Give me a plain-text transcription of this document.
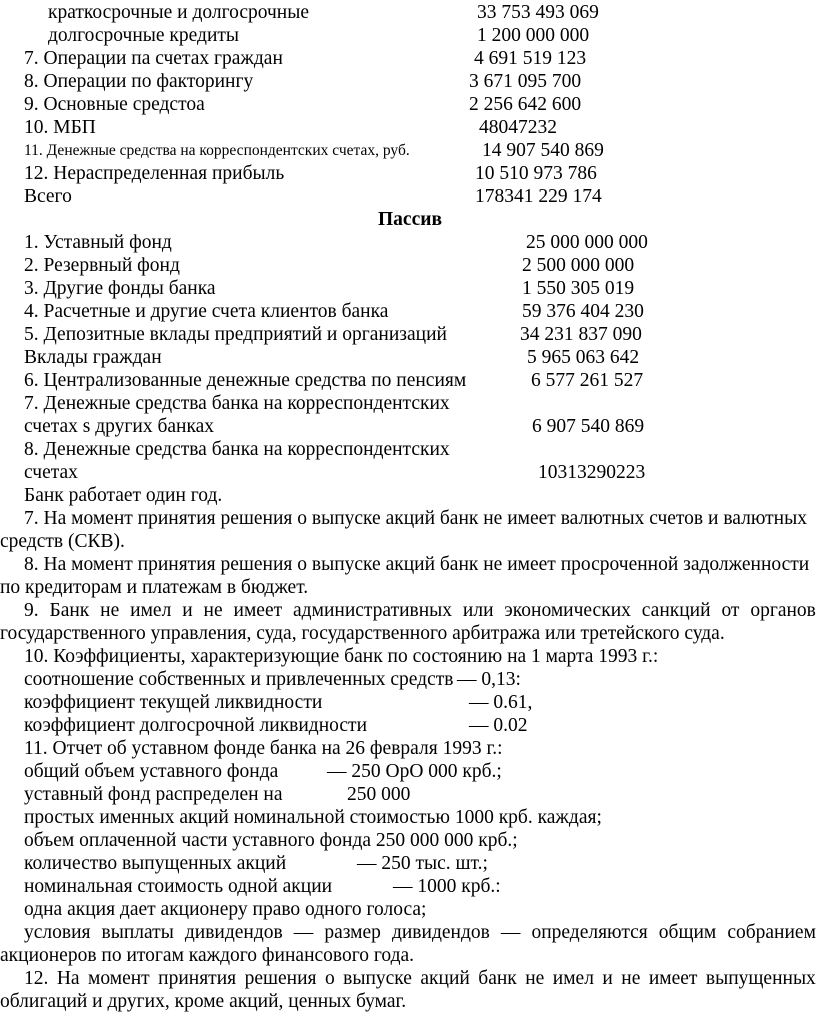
краткосрочные и долгосрочные	33 753 493 069
долгосрочные кредиты	1 200 000 000
7. Операции па счетах граждан	4 691 519 123
8. Операции по факторингу	3 671 095 700
9. Основные средстоа	2 256 642 600
10. МБП	48047232
11. Денежные средства на корреспондентских счетах, руб.	14 907 540 869
12. Нераспределенная прибыль	10 510 973 786
Всего	178341 229 174
Пассив
1. Уставный фонд	25 000 000 000
2. Резервный фонд	2 500 000 000
3. Другие фонды банка	1 550 305 019
4. Расчетные и другие счета клиентов банка	59 376 404 230
5. Депозитные вклады предприятий и организаций	34 231 837 090
Вклады граждан	5 965 063 642
6. Централизованные денежные средства по пенсиям	6 577 261 527
7. Денежные средства банка на корреспондентских
счетах s других банках	6 907 540 869
8. Денежные средства банка на корреспондентских
счетах	10313290223
Банк работает один год.
7. На момент принятия решения о выпуске акций банк не имеет валютных счетов и валютных
средств (СКВ).
8. На момент принятия решения о выпуске акций банк не имеет просроченной задолженности
по кредиторам и платежам в бюджет.
9. Банк не имел и не имеет административных или экономических санкций от органов
государственного управления, суда, государственного арбитража или третейского суда.
10. Коэффициенты, характеризующие банк по состоянию на 1 марта 1993 г.:
соотношение собственных и привлеченных средств — 0,13:
коэффициент текущей ликвидности	— 0.61,
коэффициент долгосрочной ликвидности	— 0.02
11. Отчет об уставном фонде банка на 26 февраля 1993 г.:
общий объем уставного фонда — 250 ОрО 000 крб.;
уставный фонд распределен на	250 000
простых именных акций номинальной стоимостью 1000 крб. каждая;
объем оплаченной части уставного фонда 250 000 000 крб.;
количество выпущенных акций	— 250 тыс. шт.;
номинальная стоимость одной акции	— 1000 крб.:
одна акция дает акционеру право одного голоса;
условия выплаты дивидендов — размер дивидендов — определяются общим собранием
акционеров по итогам каждого финансового года.
12. На момент принятия решения о выпуске акций банк не имел и не имеет выпущенных
облигаций и других, кроме акций, ценных бумаг.
